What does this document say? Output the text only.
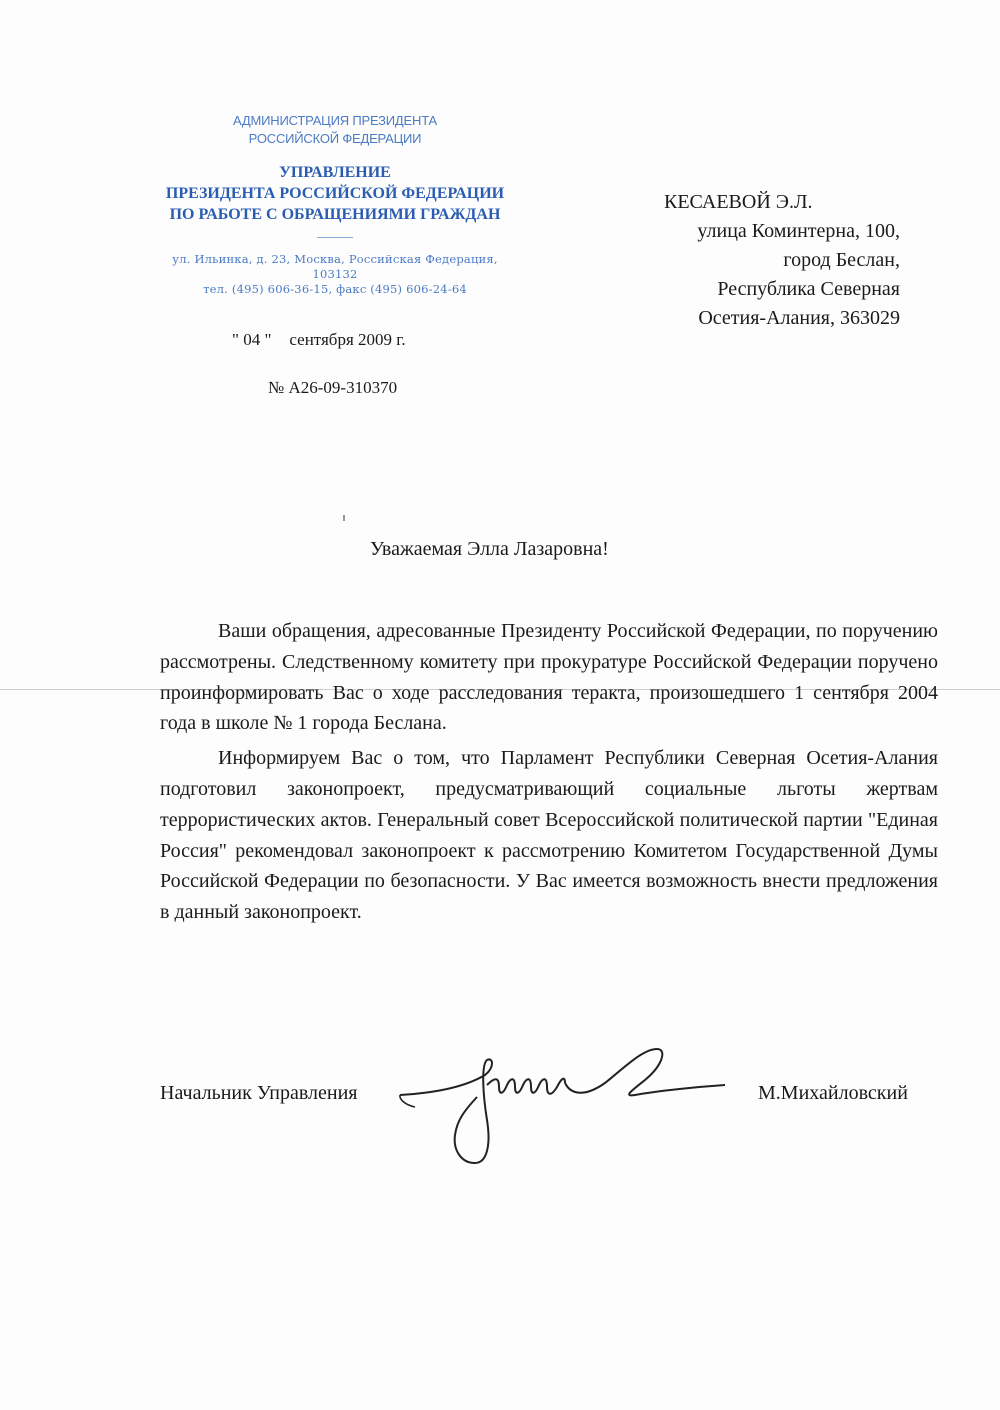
АДМИНИСТРАЦИЯ ПРЕЗИДЕНТА
РОССИЙСКОЙ ФЕДЕРАЦИИ
УПРАВЛЕНИЕ
ПРЕЗИДЕНТА РОССИЙСКОЙ ФЕДЕРАЦИИ
ПО РАБОТЕ С ОБРАЩЕНИЯМИ ГРАЖДАН
ул. Ильинка, д. 23, Москва, Российская Федерация,
103132
тел. (495) 606-36-15, факс (495) 606-24-64
" 04 " сентября 2009 г.
№ А26-09-310370
КЕСАЕВОЙ Э.Л.
улица Коминтерна, 100,
город Беслан,
Республика Северная
Осетия-Алания, 363029
Уважаемая Элла Лазаровна!

Ваши обращения, адресованные Президенту Российской Федерации, по поручению рассмотрены. Следственному комитету при прокуратуре Российской Федерации поручено проинформировать Вас о ходе расследования теракта, произошедшего 1 сентября 2004 года в школе № 1 города Беслана.

Информируем Вас о том, что Парламент Республики Северная Осетия-Алания подготовил законопроект, предусматривающий социальные льготы жертвам террористических актов. Генеральный совет Всероссийской политической партии "Единая Россия" рекомендовал законопроект к рассмотрению Комитетом Государственной Думы Российской Федерации по безопасности. У Вас имеется возможность внести предложения в данный законопроект.

Начальник Управления	М.Михайловский
